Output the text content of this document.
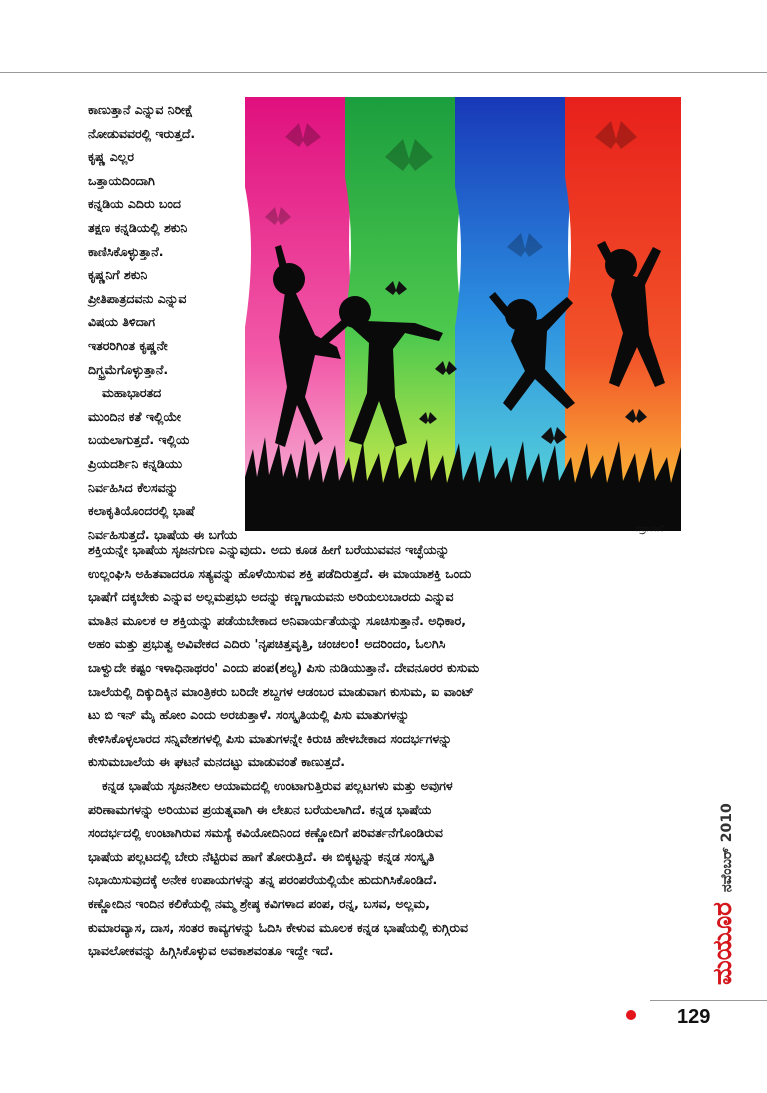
ಕಾಣುತ್ತಾನೆ ಎನ್ನುವ ನಿರೀಕ್ಷೆ
ನೋಡುವವರಲ್ಲಿ ಇರುತ್ತದೆ.
ಕೃಷ್ಣ ಎಲ್ಲರ
ಒತ್ತಾಯದಿಂದಾಗಿ
ಕನ್ನಡಿಯ ಎದಿರು ಬಂದ
ತಕ್ಷಣ ಕನ್ನಡಿಯಲ್ಲಿ ಶಕುನಿ
ಕಾಣಿಸಿಕೊಳ್ಳುತ್ತಾನೆ.
ಕೃಷ್ಣನಿಗೆ ಶಕುನಿ
ಪ್ರೀತಿಪಾತ್ರದವನು ಎನ್ನುವ
ವಿಷಯ ತಿಳಿದಾಗ
ಇತರರಿಗಿಂತ ಕೃಷ್ಣನೇ
ದಿಗ್ಭ್ರಮೆಗೊಳ್ಳುತ್ತಾನೆ.
ಮಹಾಭಾರತದ
ಮುಂದಿನ ಕತೆ ಇಲ್ಲಿಯೇ
ಬಯಲಾಗುತ್ತದೆ. ಇಲ್ಲಿಯ
ಪ್ರಿಯದರ್ಶಿನಿ ಕನ್ನಡಿಯು
ನಿರ್ವಹಿಸಿದ ಕೆಲಸವನ್ನು
ಕಲಾಕೃತಿಯೊಂದರಲ್ಲಿ ಭಾಷೆ
ನಿರ್ವಹಿಸುತ್ತದೆ. ಭಾಷೆಯ ಈ ಬಗೆಯ	ಚಿತ್ರಾಂಜಲಿ
ಶಕ್ತಿಯನ್ನೇ ಭಾಷೆಯ ಸೃಜನಗುಣ ಎನ್ನುವುದು. ಅದು ಕೂಡ ಹೀಗೆ ಬರೆಯುವವನ ಇಚ್ಛೆಯನ್ನು
ಉಲ್ಲಂಘಿಸಿ ಅಹಿತವಾದರೂ ಸತ್ಯವನ್ನು ಹೊಳೆಯಿಸುವ ಶಕ್ತಿ ಪಡೆದಿರುತ್ತದೆ. ಈ ಮಾಯಾಶಕ್ತಿ ಒಂದು
ಭಾಷೆಗೆ ದಕ್ಕಬೇಕು ಎನ್ನುವ ಅಲ್ಲಮಪ್ರಭು ಅದನ್ನು ಕಣ್ಣಗಾಯವನು ಅರಿಯಲುಬಾರದು ಎನ್ನುವ
ಮಾತಿನ ಮೂಲಕ ಆ ಶಕ್ತಿಯನ್ನು ಪಡೆಯಬೇಕಾದ ಅನಿವಾರ್ಯತೆಯನ್ನು ಸೂಚಿಸುತ್ತಾನೆ. ಅಧಿಕಾರ,
ಅಹಂ ಮತ್ತು ಪ್ರಭುತ್ವ ಅವಿವೇಕದ ಎದಿರು 'ನೃಪಚಿತ್ತವೃತ್ತಿ, ಚಂಚಲಂ! ಅದರಿಂದಂ, ಓಲಗಿಸಿ
ಬಾಳ್ವುದೇ ಕಷ್ಟಂ ಇಳಾಧಿನಾಥರಂ' ಎಂದು ಪಂಪ(ಶಲ್ಯ) ಪಿಸು ನುಡಿಯುತ್ತಾನೆ. ದೇವನೂರರ ಕುಸುಮ
ಬಾಲೆಯಲ್ಲಿ ದಿಕ್ಕುದಿಕ್ಕಿನ ಮಾಂತ್ರಿಕರು ಬರಿದೇ ಶಬ್ದಗಳ ಆಡಂಬರ ಮಾಡುವಾಗ ಕುಸುಮ, ಐ ವಾಂಟ್
ಟು ಬಿ ಇನ್ ಮೈ ಹೋಂ ಎಂದು ಅರಚುತ್ತಾಳೆ. ಸಂಸ್ಕೃತಿಯಲ್ಲಿ ಪಿಸು ಮಾತುಗಳನ್ನು
ಕೇಳಿಸಿಕೊಳ್ಳಲಾರದ ಸನ್ನಿವೇಶಗಳಲ್ಲಿ ಪಿಸು ಮಾತುಗಳನ್ನೇ ಕಿರುಚಿ ಹೇಳಬೇಕಾದ ಸಂದರ್ಭಗಳನ್ನು
ಕುಸುಮಬಾಲೆಯ ಈ ಘಟನೆ ಮನದಟ್ಟು ಮಾಡುವಂತೆ ಕಾಣುತ್ತದೆ.
ಕನ್ನಡ ಭಾಷೆಯ ಸೃಜನಶೀಲ ಆಯಾಮದಲ್ಲಿ ಉಂಟಾಗುತ್ತಿರುವ ಪಲ್ಲಟಗಳು ಮತ್ತು ಅವುಗಳ
ಪರಿಣಾಮಗಳನ್ನು ಅರಿಯುವ ಪ್ರಯತ್ನವಾಗಿ ಈ ಲೇಖನ ಬರೆಯಲಾಗಿದೆ. ಕನ್ನಡ ಭಾಷೆಯ
ಸಂದರ್ಭದಲ್ಲಿ ಉಂಟಾಗಿರುವ ಸಮಸ್ಯೆ ಕವಿಯೋದಿನಿಂದ ಕಣ್ಣೋದಿಗೆ ಪರಿವರ್ತನೆಗೊಂಡಿರುವ
ಭಾಷೆಯ ಪಲ್ಲಟದಲ್ಲಿ ಬೇರು ನೆಟ್ಟಿರುವ ಹಾಗೆ ತೋರುತ್ತಿದೆ. ಈ ಬಿಕ್ಕಟ್ಟನ್ನು ಕನ್ನಡ ಸಂಸ್ಕೃತಿ
ನಿಭಾಯಿಸುವುದಕ್ಕೆ ಅನೇಕ ಉಪಾಯಗಳನ್ನು ತನ್ನ ಪರಂಪರೆಯಲ್ಲಿಯೇ ಹುದುಗಿಸಿಕೊಂಡಿದೆ.
ಕಣ್ಣೋದಿನ ಇಂದಿನ ಕಲಿಕೆಯಲ್ಲಿ ನಮ್ಮ ಶ್ರೇಷ್ಠ ಕವಿಗಳಾದ ಪಂಪ, ರನ್ನ, ಬಸವ, ಅಲ್ಲಮ,
ಕುಮಾರವ್ಯಾಸ, ದಾಸ, ಸಂತರ ಕಾವ್ಯಗಳನ್ನು ಓದಿಸಿ ಕೇಳುವ ಮೂಲಕ ಕನ್ನಡ ಭಾಷೆಯಲ್ಲಿ ಕುಗ್ಗಿರುವ
ಭಾವಲೋಕವನ್ನು ಹಿಗ್ಗಿಸಿಕೊಳ್ಳುವ ಅವಕಾಶವಂತೂ ಇದ್ದೇ ಇದೆ.	ಮಯೂರನವೆಂಬರ್ 2010
129
